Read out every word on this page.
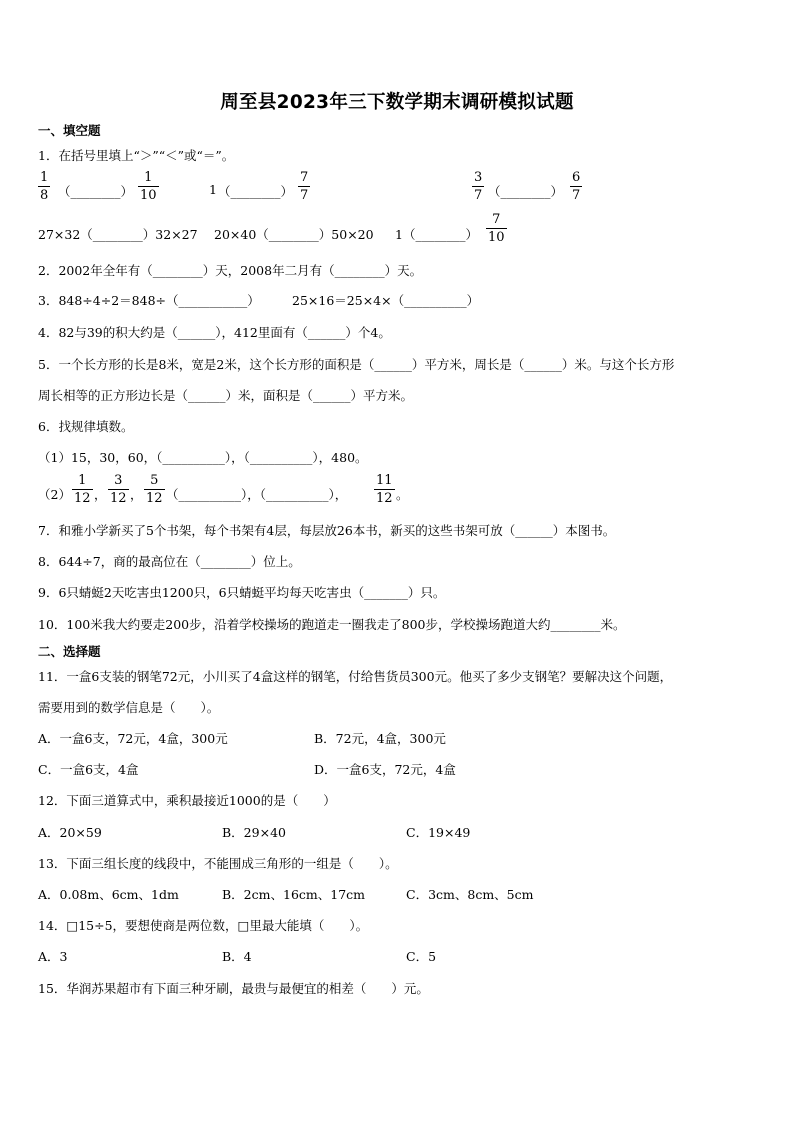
周至县2023年三下数学期末调研模拟试题
一、填空题
1．在括号里填上“＞”“＜”或“＝”。
1
8 （________）
1
10	1 （________）
7
7
3
7 （________）
6
7
27×32（________）32×27 20×40（________）50×20 1（________）
7
10
2．2002年全年有（________）天，2008年二月有（________）天。
3．848÷4÷2＝848÷（___________）	25×16＝25×4×（__________）
4．82与39的积大约是（______），412里面有（______）个4。
5．一个长方形的长是8米，宽是2米，这个长方形的面积是（______）平方米，周长是（______）米。与这个长方形
周长相等的正方形边长是（______）米，面积是（______）平方米。
6．找规律填数。
（1）15，30，60，（__________），（__________），480。
（2）
1
12 ，
3
12 ，
5
12 （__________），（__________），
11
12 。
7．和雅小学新买了5个书架，每个书架有4层，每层放26本书，新买的这些书架可放（______）本图书。
8．644÷7，商的最高位在（________）位上。
9．6只蜻蜓2天吃害虫1200只，6只蜻蜓平均每天吃害虫（_______）只。
10．100米我大约要走200步，沿着学校操场的跑道走一圈我走了800步，学校操场跑道大约________米。
二、选择题
11．一盒6支装的钢笔72元，小川买了4盒这样的钢笔，付给售货员300元。他买了多少支钢笔？要解决这个问题，
需要用到的数学信息是（　　）。
A．一盒6支，72元，4盒，300元	B．72元，4盒，300元
C．一盒6支，4盒	D．一盒6支，72元，4盒
12．下面三道算式中，乘积最接近1000的是（　　）
A．20×59	B．29×40	C．19×49
13．下面三组长度的线段中，不能围成三角形的一组是（　　）。
A．0.08m、6cm、1dm	B．2cm、16cm、17cm	C．3cm、8cm、5cm
14．□15÷5，要想使商是两位数，□里最大能填（　　）。
A．3	B．4	C．5
15．华润苏果超市有下面三种牙刷，最贵与最便宜的相差（　　）元。
